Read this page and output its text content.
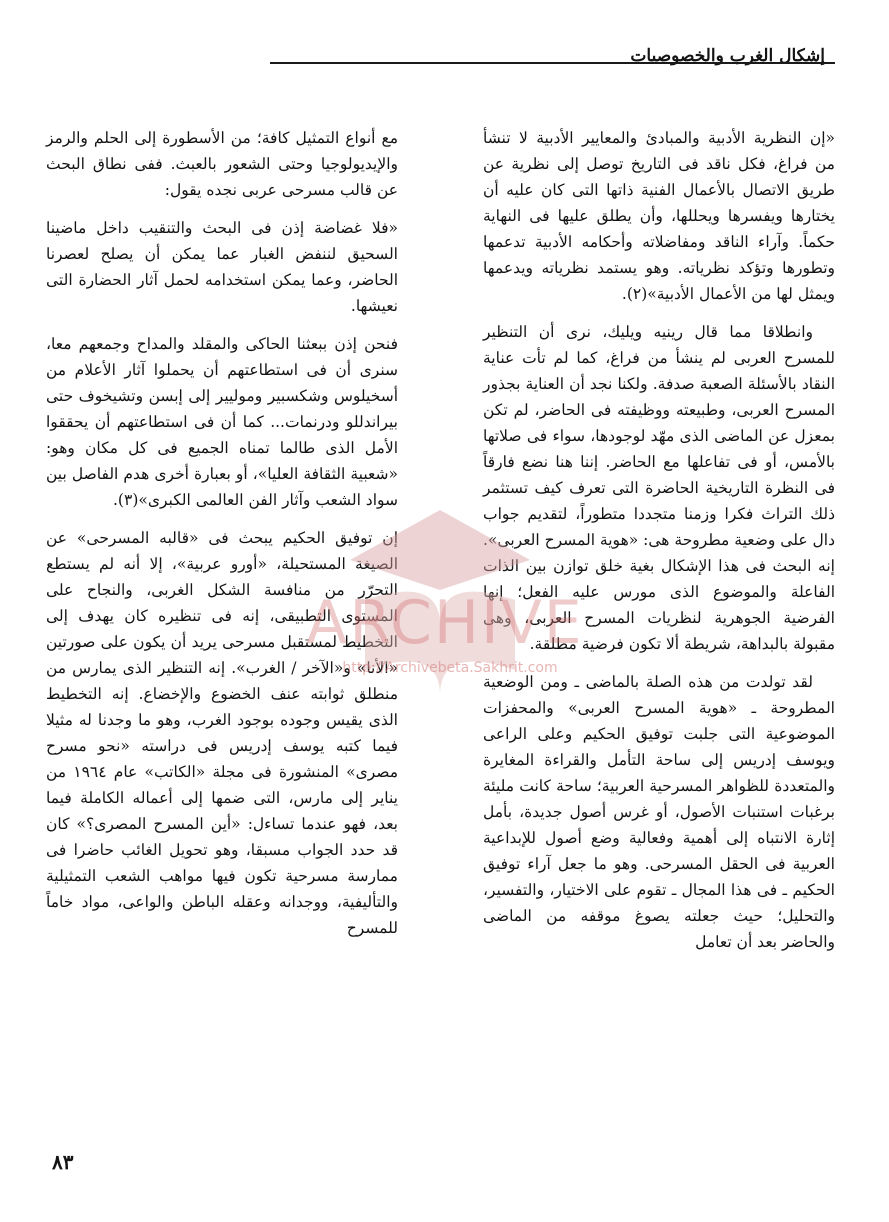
إشكال الغرب والخصوصيات

«إن النظرية الأدبية والمبادئ والمعايير الأدبية لا تنشأ من فراغ، فكل ناقد فى التاريخ توصل إلى نظرية عن طريق الاتصال بالأعمال الفنية ذاتها التى كان عليه أن يختارها ويفسرها ويحللها، وأن يطلق عليها فى النهاية حكماً. وآراء الناقد ومفاضلاته وأحكامه الأدبية تدعمها وتطورها وتؤكد نظرياته. وهو يستمد نظرياته ويدعمها ويمثل لها من الأعمال الأدبية»(٢).

وانطلاقا مما قال رينيه ويليك، نرى أن التنظير للمسرح العربى لم ينشأ من فراغ، كما لم تأت عناية النقاد بالأسئلة الصعبة صدفة. ولكنا نجد أن العناية بجذور المسرح العربى، وطبيعته ووظيفته فى الحاضر، لم تكن بمعزل عن الماضى الذى مهّد لوجودها، سواء فى صلاتها بالأمس، أو فى تفاعلها مع الحاضر. إننا هنا نضع فارقاً فى النظرة التاريخية الحاضرة التى تعرف كيف تستثمر ذلك التراث فكرا وزمنا متجددا متطوراً، لتقديم جواب دال على وضعية مطروحة هى: «هوية المسرح العربى». إنه البحث فى هذا الإشكال بغية خلق توازن بين الذات الفاعلة والموضوع الذى مورس عليه الفعل؛ إنها الفرضية الجوهرية لنظريات المسرح العربى، وهى مقبولة بالبداهة، شريطة ألا تكون فرضية مطلقة.

لقد تولدت من هذه الصلة بالماضى ـ ومن الوضعية المطروحة ـ «هوية المسرح العربى» والمحفزات الموضوعية التى جلبت توفيق الحكيم وعلى الراعى ويوسف إدريس إلى ساحة التأمل والقراءة المغايرة والمتعددة للظواهر المسرحية العربية؛ ساحة كانت مليئة برغبات استنبات الأصول، أو غرس أصول جديدة، بأمل إثارة الانتباه إلى أهمية وفعالية وضع أصول للإبداعية العربية فى الحقل المسرحى. وهو ما جعل آراء توفيق الحكيم ـ فى هذا المجال ـ تقوم على الاختيار، والتفسير، والتحليل؛ حيث جعلته يصوغ موقفه من الماضى والحاضر بعد أن تعامل

مع أنواع التمثيل كافة؛ من الأسطورة إلى الحلم والرمز والإيديولوجيا وحتى الشعور بالعبث. ففى نطاق البحث عن قالب مسرحى عربى نجده يقول:

«فلا غضاضة إذن فى البحث والتنقيب داخل ماضينا السحيق لننفض الغبار عما يمكن أن يصلح لعصرنا الحاضر، وعما يمكن استخدامه لحمل آثار الحضارة التى نعيشها.

فنحن إذن ببعثنا الحاكى والمقلد والمداح وجمعهم معا، سنرى أن فى استطاعتهم أن يحملوا آثار الأعلام من أسخيلوس وشكسبير وموليير إلى إبسن وتشيخوف حتى بيراندللو ودرنمات... كما أن فى استطاعتهم أن يحققوا الأمل الذى طالما تمناه الجميع فى كل مكان وهو: «شعبية الثقافة العليا»، أو بعبارة أخرى هدم الفاصل بين سواد الشعب وآثار الفن العالمى الكبرى»(٣).

إن توفيق الحكيم يبحث فى «قالبه المسرحى» عن الصيغة المستحيلة، «أورو عربية»، إلا أنه لم يستطع التحرّر من منافسة الشكل الغربى، والنجاح على المستوى التطبيقى، إنه فى تنظيره كان يهدف إلى التخطيط لمستقبل مسرحى يريد أن يكون على صورتين «الأنا» و«الآخر / الغرب». إنه التنظير الذى يمارس من منطلق ثوابته عنف الخضوع والإخضاع. إنه التخطيط الذى يقيس وجوده بوجود الغرب، وهو ما وجدنا له مثيلا فيما كتبه يوسف إدريس فى دراسته «نحو مسرح مصرى» المنشورة فى مجلة «الكاتب» عام ١٩٦٤ من يناير إلى مارس، التى ضمها إلى أعماله الكاملة فيما بعد، فهو عندما تساءل: «أين المسرح المصرى؟» كان قد حدد الجواب مسبقا، وهو تحويل الغائب حاضرا فى ممارسة مسرحية تكون فيها مواهب الشعب التمثيلية والتأليفية، ووجدانه وعقله الباطن والواعى، مواد خاماً للمسرح

ARCHIVE
http://Archivebeta.Sakhrit.com
٨٣
